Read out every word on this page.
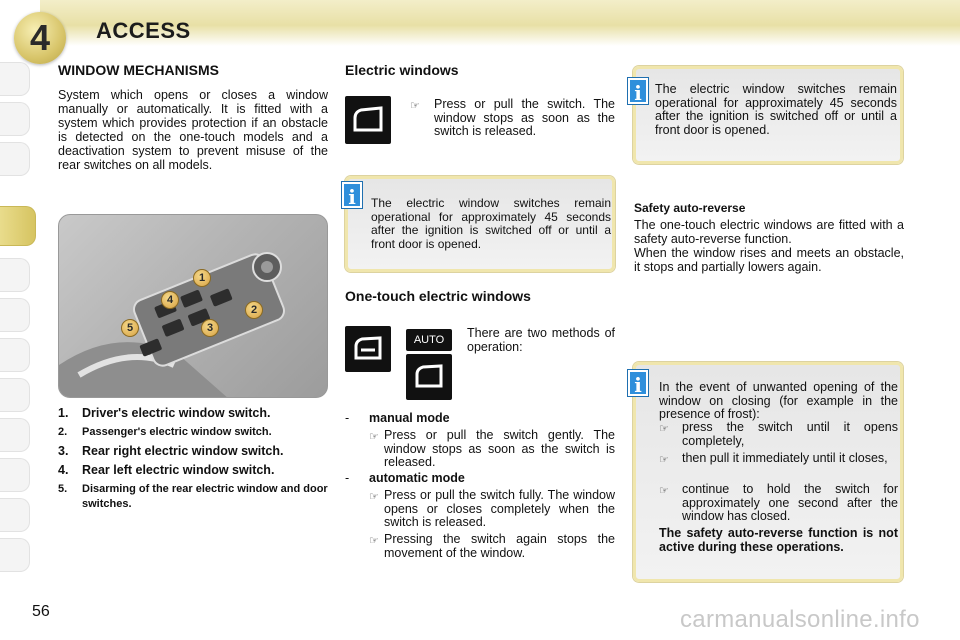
4	ACCESS
WINDOW MECHANISMS
System which opens or closes a window manually or automatically. It is fitted with a system which provides protection if an obstacle is detected on the one-touch models and a deactivation system to prevent misuse of the rear switches on all models.
1
2
3
4
5
1. Driver's electric window switch.
2. Passenger's electric window switch.
3. Rear right electric window switch.
4. Rear left electric window switch.
5. Disarming of the rear electric window and door switches.
Electric windows
☞ Press or pull the switch. The window stops as soon as the switch is released.
i	The electric window switches remain operational for approximately 45 seconds after the ignition is switched off or until a front door is opened.
One-touch electric windows
AUTO	There are two methods of operation:
- manual mode
☞ Press or pull the switch gently. The window stops as soon as the switch is released.
- automatic mode
☞ Press or pull the switch fully. The window opens or closes completely when the switch is released.
☞ Pressing the switch again stops the movement of the window.
i	The electric window switches remain operational for approximately 45 seconds after the ignition is switched off or until a front door is opened.
Safety auto-reverse
The one-touch electric windows are fitted with a safety auto-reverse function.
When the window rises and meets an obstacle, it stops and partially lowers again.
i	In the event of unwanted opening of the window on closing (for example in the presence of frost):
☞ press the switch until it opens completely,
☞ then pull it immediately until it closes,
☞ continue to hold the switch for approximately one second after the window has closed.
The safety auto-reverse function is not active during these operations.
56	carmanualsonline.info
